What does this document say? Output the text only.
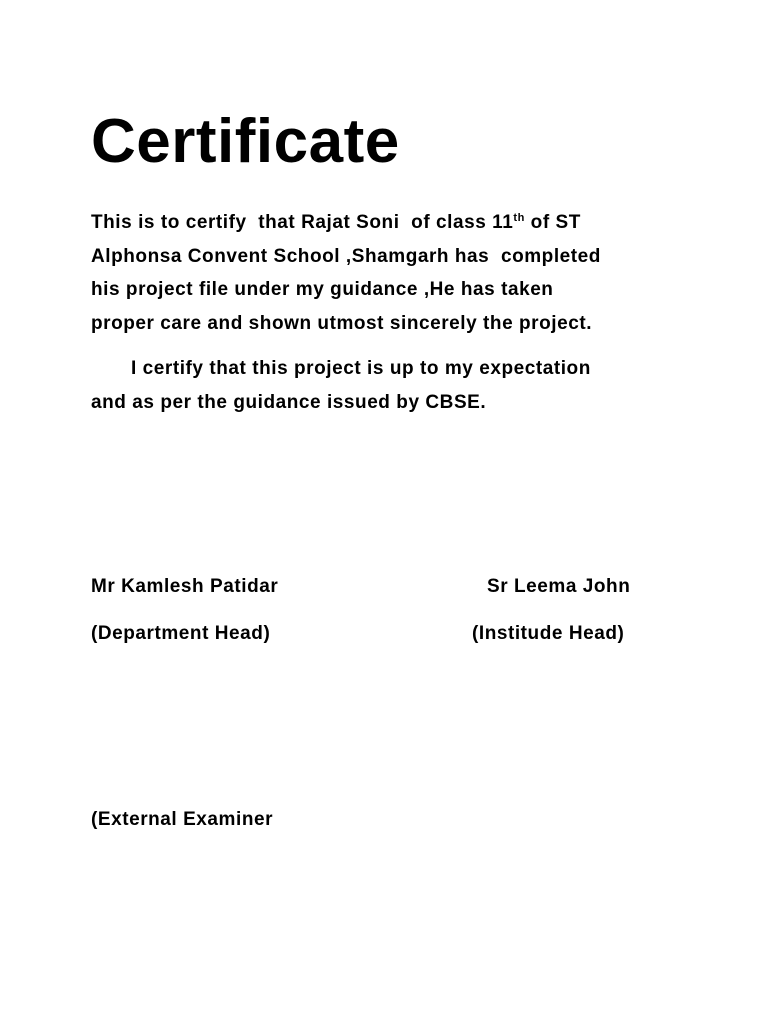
Certificate
This is to certify  that Rajat Soni  of class 11th of ST
Alphonsa Convent School ,Shamgarh has  completed
his project file under my guidance ,He has taken
proper care and shown utmost sincerely the project.
I certify that this project is up to my expectation
and as per the guidance issued by CBSE.

Mr Kamlesh Patidar

(Department Head)

Sr Leema John

(Institude Head)

(External Examiner
